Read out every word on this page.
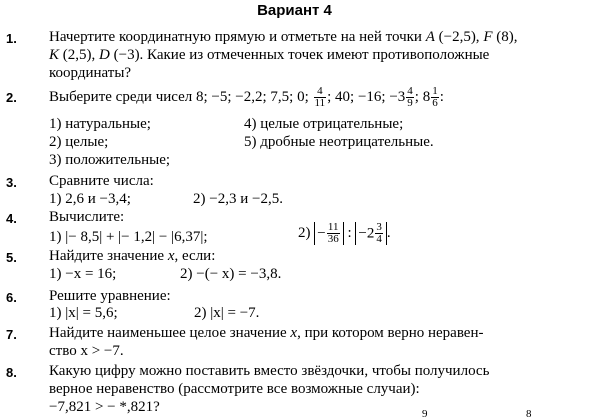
Вариант 4
1. Начертите координатную прямую и отметьте на ней точки A (−2,5), F (8),
K (2,5), D (−3). Какие из отмеченных точек имеют противоположные
координаты?
2. Выберите среди чисел 8; −5; −2,2; 7,5; 0; $\frac{4}{11}$ ; 40; −16; $-3 \frac{4}{9}$ ; $8 \frac{1}{6}$ :
1) натуральные;	4) целые отрицательные;
2) целые;	5) дробные неотрицательные.
3) положительные;
3. Сравните числа:
1) 2,6 и −3,4;	2) −2,3 и −2,5.
4. Вычислите:
1) |− 8,5| + |− 1,2| − |6,37|;	$2) - \frac{11}{36}$ : $-2 \frac{3}{4}$ .
5. Найдите значение x, если:
1) −x = 16;	2) −(− x) = −3,8.
6. Решите уравнение:
1) |x| = 5,6;	2) |x| = −7.
7. Найдите наименьшее целое значение x, при котором верно неравен-
ство x > −7.
8. Какую цифру можно поставить вместо звёздочки, чтобы получилось
верное неравенство (рассмотрите все возможные случаи):
−7,821 > − *,821?	9	8
